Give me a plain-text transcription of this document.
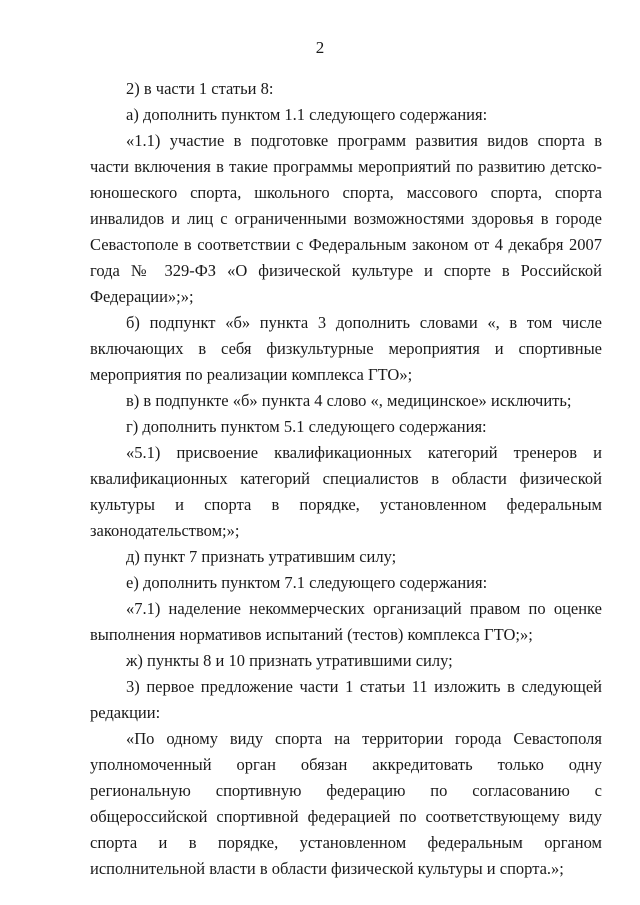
2

2) в части 1 статьи 8:

а) дополнить пунктом 1.1 следующего содержания:

«1.1) участие в подготовке программ развития видов спорта в части включения в такие программы мероприятий по развитию детско-юношеского спорта, школьного спорта, массового спорта, спорта инвалидов и лиц с ограниченными возможностями здоровья в городе Севастополе в соответствии с Федеральным законом от 4 декабря 2007 года № 329-ФЗ «О физической культуре и спорте в Российской Федерации»;»;

б) подпункт «б» пункта 3 дополнить словами «, в том числе включающих в себя физкультурные мероприятия и спортивные мероприятия по реализации комплекса ГТО»;

в) в подпункте «б» пункта 4 слово «, медицинское» исключить;

г) дополнить пунктом 5.1 следующего содержания:

«5.1) присвоение квалификационных категорий тренеров и квалификационных категорий специалистов в области физической культуры и спорта в порядке, установленном федеральным законодательством;»;

д) пункт 7 признать утратившим силу;

е) дополнить пунктом 7.1 следующего содержания:

«7.1) наделение некоммерческих организаций правом по оценке выполнения нормативов испытаний (тестов) комплекса ГТО;»;

ж) пункты 8 и 10 признать утратившими силу;

3) первое предложение части 1 статьи 11 изложить в следующей редакции:

«По одному виду спорта на территории города Севастополя уполномоченный орган обязан аккредитовать только одну региональную спортивную федерацию по согласованию с общероссийской спортивной федерацией по соответствующему виду спорта и в порядке, установленном федеральным органом исполнительной власти в области физической культуры и спорта.»;
